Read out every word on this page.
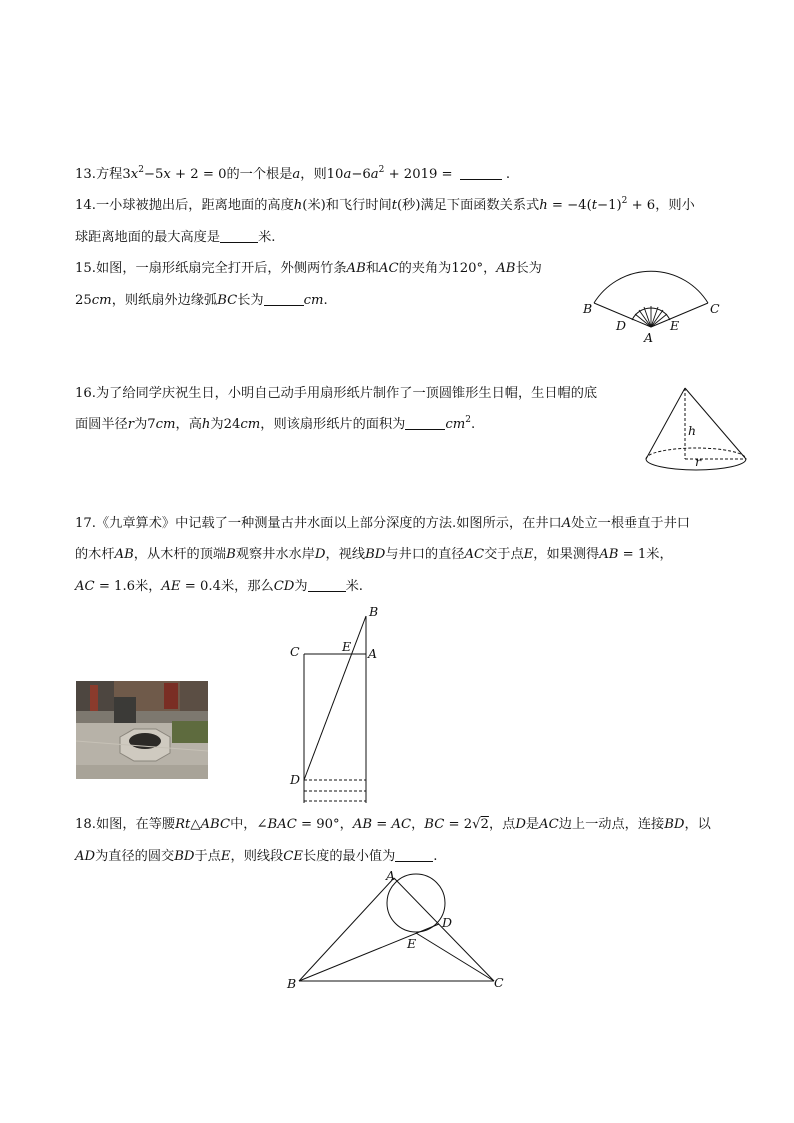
13.方程$3x^2-5x + 2 = 0$的一个根是a，则$10a-6a^2 + 2019$ =	.
14.一小球被抛出后，距离地面的高度h(米)和飞行时间t(秒)满足下面函数关系式$h = -4(t-1)^2 + 6$，则小
球距离地面的最大高度是	米.
15.如图，一扇形纸扇完全打开后，外侧两竹条AB和AC的夹角为120°，AB长为
25cm，则纸扇外边缘弧BC长为	cm.
B	C
D	E
A
16.为了给同学庆祝生日，小明自己动手用扇形纸片制作了一顶圆锥形生日帽，生日帽的底
面圆半径r为7cm，高h为24cm，则该扇形纸片的面积为	$cm^2$.	h
r
17.《九章算术》中记载了一种测量古井水面以上部分深度的方法.如图所示，在井口A处立一根垂直于井口
的木杆AB，从木杆的顶端B观察井水水岸D，视线BD与井口的直径AC交于点E，如果测得AB = 1米，
AC = 1.6米，AE = 0.4米，那么CD为	米.
B
C	E A
D
18.如图，在等腰Rt△ABC中，∠BAC = 90°，AB = AC，BC = 2√2，点D是AC边上一动点，连接BD，以
AD为直径的圆交BD于点E，则线段CE长度的最小值为	.
A
D
E
B	C
